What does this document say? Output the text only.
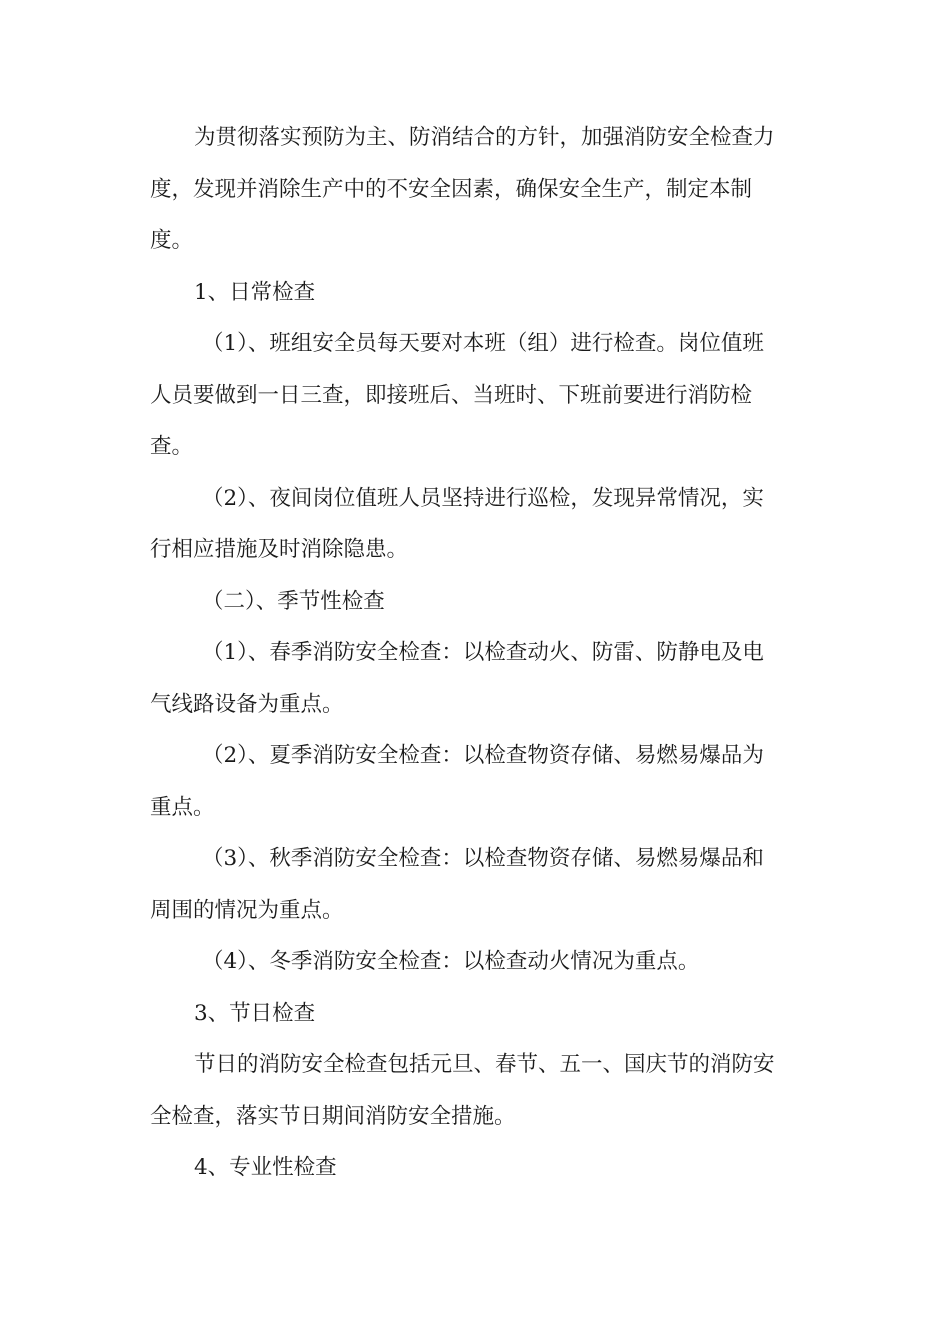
为贯彻落实预防为主、防消结合的方针，加强消防安全检查力
度，发现并消除生产中的不安全因素，确保安全生产，制定本制
度。

1、日常检查

（1）、班组安全员每天要对本班（组）进行检查。岗位值班
人员要做到一日三查，即接班后、当班时、下班前要进行消防检
查。

（2）、夜间岗位值班人员坚持进行巡检，发现异常情况，实
行相应措施及时消除隐患。

（二）、季节性检查

（1）、春季消防安全检查：以检查动火、防雷、防静电及电
气线路设备为重点。

（2）、夏季消防安全检查：以检查物资存储、易燃易爆品为
重点。

（3）、秋季消防安全检查：以检查物资存储、易燃易爆品和
周围的情况为重点。

（4）、冬季消防安全检查：以检查动火情况为重点。

3、节日检查

节日的消防安全检查包括元旦、春节、五一、国庆节的消防安
全检查，落实节日期间消防安全措施。

4、专业性检查
